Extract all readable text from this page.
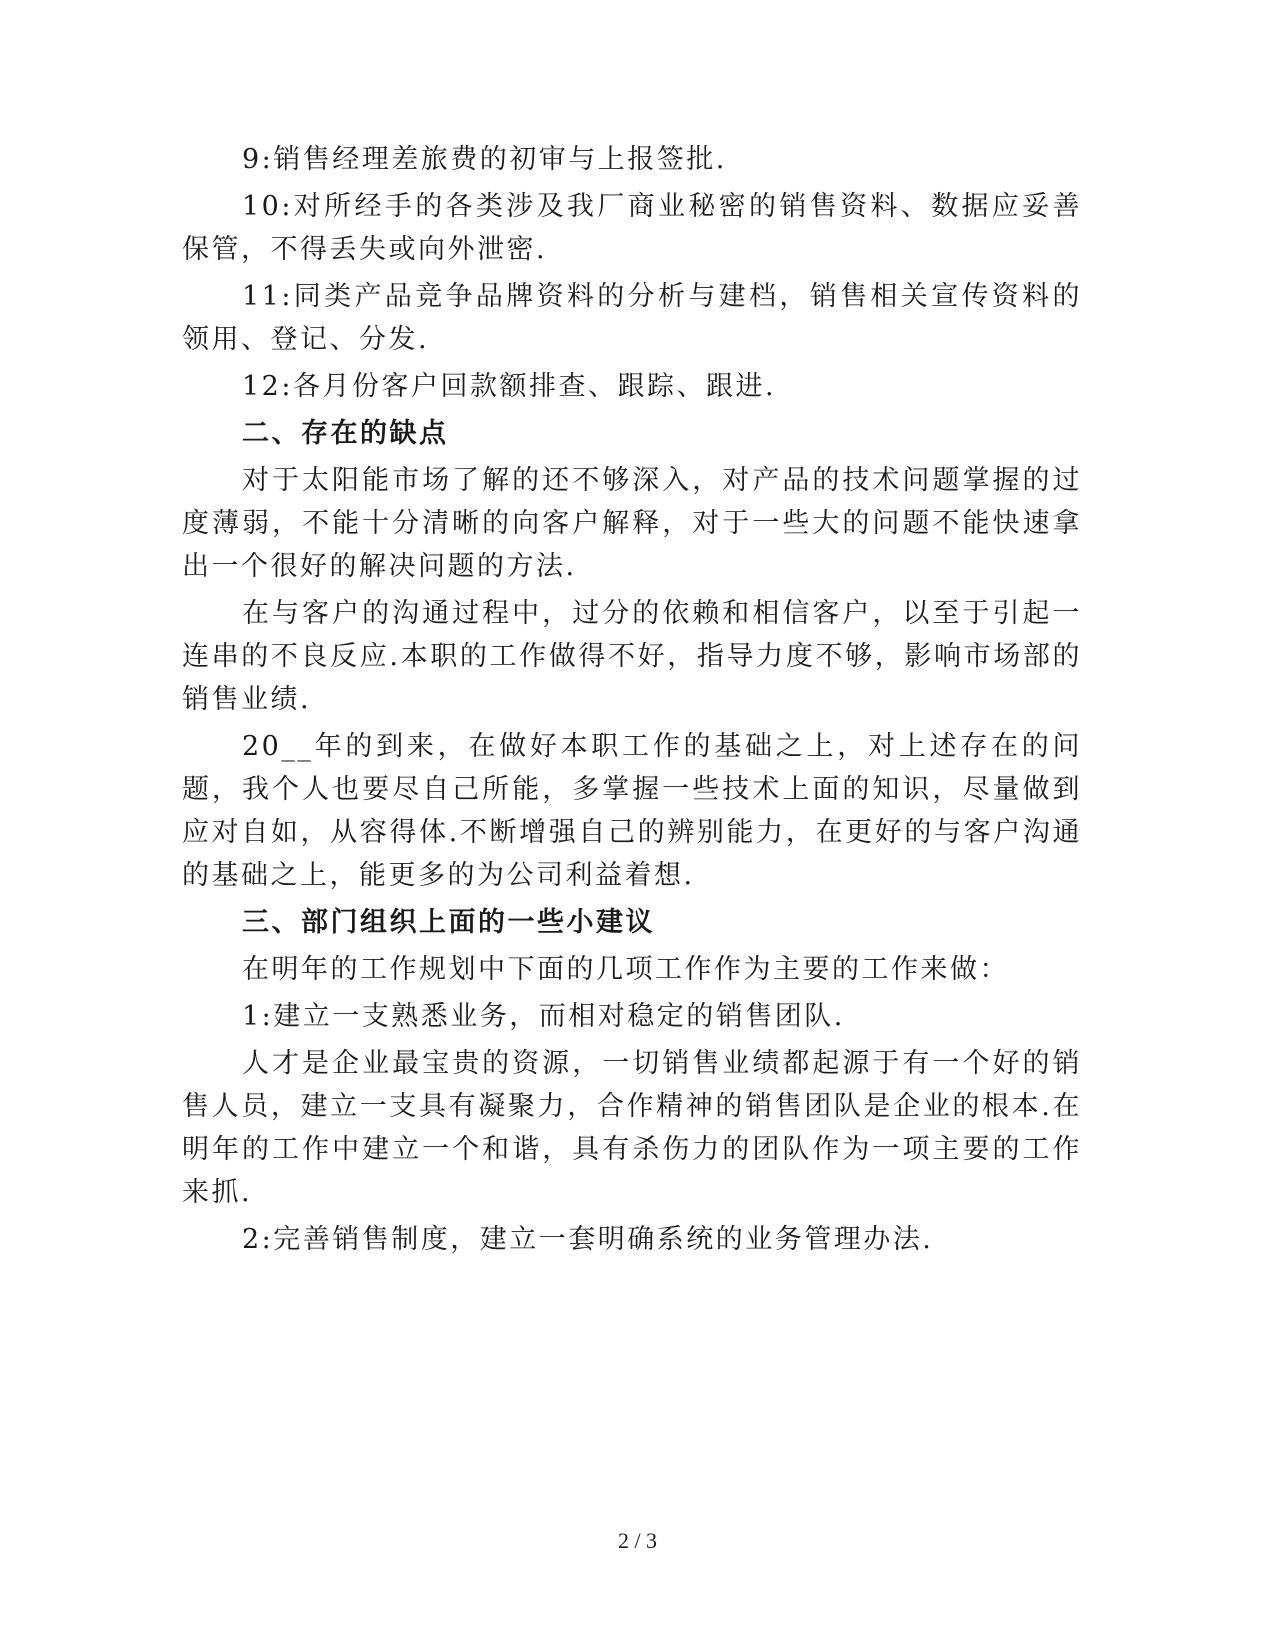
9:销售经理差旅费的初审与上报签批.

10:对所经手的各类涉及我厂商业秘密的销售资料、数据应妥善保管，不得丢失或向外泄密.

11:同类产品竞争品牌资料的分析与建档，销售相关宣传资料的领用、登记、分发.

12:各月份客户回款额排查、跟踪、跟进.

二、存在的缺点

对于太阳能市场了解的还不够深入，对产品的技术问题掌握的过度薄弱，不能十分清晰的向客户解释，对于一些大的问题不能快速拿出一个很好的解决问题的方法.

在与客户的沟通过程中，过分的依赖和相信客户，以至于引起一连串的不良反应.本职的工作做得不好，指导力度不够，影响市场部的销售业绩.

20__年的到来，在做好本职工作的基础之上，对上述存在的问题，我个人也要尽自己所能，多掌握一些技术上面的知识，尽量做到应对自如，从容得体.不断增强自己的辨别能力，在更好的与客户沟通的基础之上，能更多的为公司利益着想.

三、部门组织上面的一些小建议

在明年的工作规划中下面的几项工作作为主要的工作来做：

1:建立一支熟悉业务，而相对稳定的销售团队.

人才是企业最宝贵的资源，一切销售业绩都起源于有一个好的销售人员，建立一支具有凝聚力，合作精神的销售团队是企业的根本.在明年的工作中建立一个和谐，具有杀伤力的团队作为一项主要的工作来抓.

2:完善销售制度，建立一套明确系统的业务管理办法.

2 / 3
